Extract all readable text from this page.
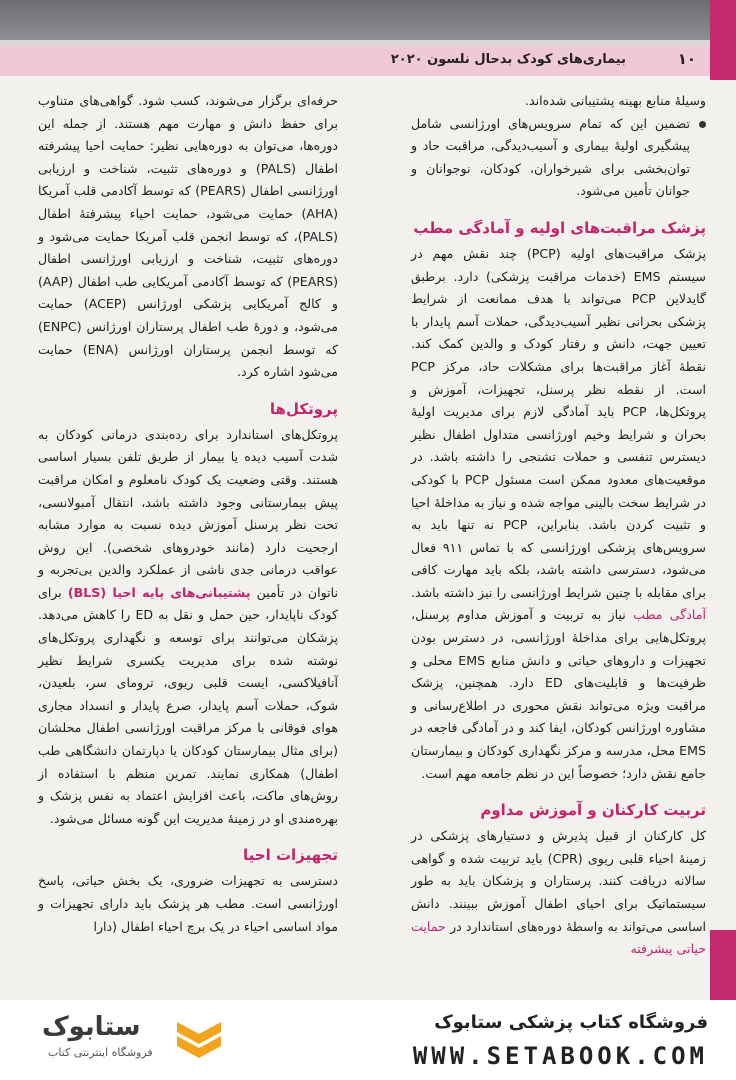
۱۰
بیماری‌های کودک بدحال نلسون ۲۰۲۰

وسیلهٔ منابع بهینه پشتیبانی شده‌اند.

تضمین این که تمام سرویس‌های اورژانسی شامل پیشگیری اولیهٔ بیماری و آسیب‌دیدگی، مراقبت حاد و توان‌بخشی برای شیرخواران، کودکان، نوجوانان و جوانان تأمین می‌شود.
پزشک مراقبت‌های اولیه و آمادگی مطب

پزشک مراقبت‌های اولیه (PCP) چند نقش مهم در سیستم EMS (خدمات مراقبت پزشکی) دارد. برطبق گایدلاین PCP می‌تواند با هدف ممانعت از شرایط پزشکی بحرانی نظیر آسیب‌دیدگی، حملات آسم پایدار با تعیین جهت، دانش و رفتار کودک و والدین کمک کند. نقطهٔ آغاز مراقبت‌ها برای مشکلات حاد، مرکز PCP است. از نقطه نظر پرسنل، تجهیزات، آموزش و پروتکل‌ها، PCP باید آمادگی لازم برای مدیریت اولیهٔ بحران و شرایط وخیم اورژانسی متداول اطفال نظیر دیسترس تنفسی و حملات تشنجی را داشته باشد. در موقعیت‌های معدود ممکن است مسئول PCP با کودکی در شرایط سخت بالینی مواجه شده و نیاز به مداخلهٔ احیا و تثبیت کردن باشد. بنابراین، PCP نه تنها باید به سرویس‌های پزشکی اورژانسی که با تماس ۹۱۱ فعال می‌شود، دسترسی داشته باشد، بلکه باید مهارت کافی برای مقابله با چنین شرایط اورژانسی را نیز داشته باشد. آمادگی مطب نیاز به تربیت و آموزش مداوم پرسنل، پروتکل‌هایی برای مداخلهٔ اورژانسی، در دسترس بودن تجهیزات و داروهای حیاتی و دانش منابع EMS محلی و ظرفیت‌ها و قابلیت‌های ED دارد. همچنین، پزشک مراقبت ویژه می‌تواند نقش محوری در اطلاع‌رسانی و مشاوره اورژانس کودکان، ایفا کند و در آمادگی فاجعه در EMS محل، مدرسه و مرکز نگهداری کودکان و بیمارستان جامع نقش دارد؛ خصوصاً این در نظم جامعه مهم است.

تربیت کارکنان و آموزش مداوم

کل کارکنان از قبیل پذیرش و دستیارهای پزشکی در زمینهٔ احیاء قلبی ریوی (CPR) باید تربیت شده و گواهی سالانه دریافت کنند. پرستاران و پزشکان باید به طور سیستماتیک برای احیای اطفال آموزش ببینند. دانش اساسی می‌تواند به واسطهٔ دوره‌های استاندارد در حمایت حیاتی پیشرفته

حرفه‌ای برگزار می‌شوند، کسب شود. گواهی‌های متناوب برای حفظ دانش و مهارت مهم هستند. از جمله این دوره‌ها، می‌توان به دوره‌هایی نظیر: حمایت احیا پیشرفته اطفال (PALS) و دوره‌های تثبیت، شناخت و ارزیابی اورژانسی اطفال (PEARS) که توسط آکادمی قلب آمریکا (AHA) حمایت می‌شود، حمایت احیاء پیشرفتهٔ اطفال (PALS)، که توسط انجمن قلب آمریکا حمایت می‌شود و دوره‌های تثبیت، شناخت و ارزیابی اورژانسی اطفال (PEARS) که توسط آکادمی آمریکایی طب اطفال (AAP) و کالج آمریکایی پزشکی اورژانس (ACEP) حمایت می‌شود، و دورهٔ طب اطفال پرستاران اورژانس (ENPC) که توسط انجمن پرستاران اورژانس (ENA) حمایت می‌شود اشاره کرد.

پروتکل‌ها

پروتکل‌های استاندارد برای رده‌بندی درمانی کودکان به شدت آسیب دیده یا بیمار از طریق تلفن بسیار اساسی هستند. وقتی وضعیت یک کودک نامعلوم و امکان مراقبت پیش بیمارستانی وجود داشته باشد، انتقال آمبولانسی، تحت نظر پرسنل آموزش دیده نسبت به موارد مشابه ارجحیت دارد (مانند خودروهای شخصی). این روش عواقب درمانی جدی ناشی از عملکرد والدین بی‌تجربه و ناتوان در تأمین پشتیبانی‌های پایه احیا (BLS) برای کودک ناپایدار، حین حمل و نقل به ED را کاهش می‌دهد. پزشکان می‌توانند برای توسعه و نگهداری پروتکل‌های نوشته شده برای مدیریت یکسری شرایط نظیر آنافیلاکسی، ایست قلبی ریوی، ترومای سر، بلعیدن، شوک، حملات آسم پایدار، صرع پایدار و انسداد مجاری هوای فوقانی با مرکز مراقبت اورژانسی اطفال محلشان (برای مثال بیمارستان کودکان یا دپارتمان دانشگاهی طب اطفال) همکاری نمایند. تمرین منظم با استفاده از روش‌های ماکت، باعث افزایش اعتماد به نفس پزشک و بهره‌مندی او در زمینهٔ مدیریت این گونه مسائل می‌شود.

تجهیزات احیا

دسترسی به تجهیزات ضروری، یک بخش حیاتی، پاسخ اورژانسی است. مطب هر پزشک باید دارای تجهیزات و مواد اساسی احیاء در یک برچ احیاء اطفال (دارا

فروشگاه کتاب پزشکی ستابوک
WWW.SETABOOK.COM
ستابوک
فروشگاه اینترنتی کتاب
